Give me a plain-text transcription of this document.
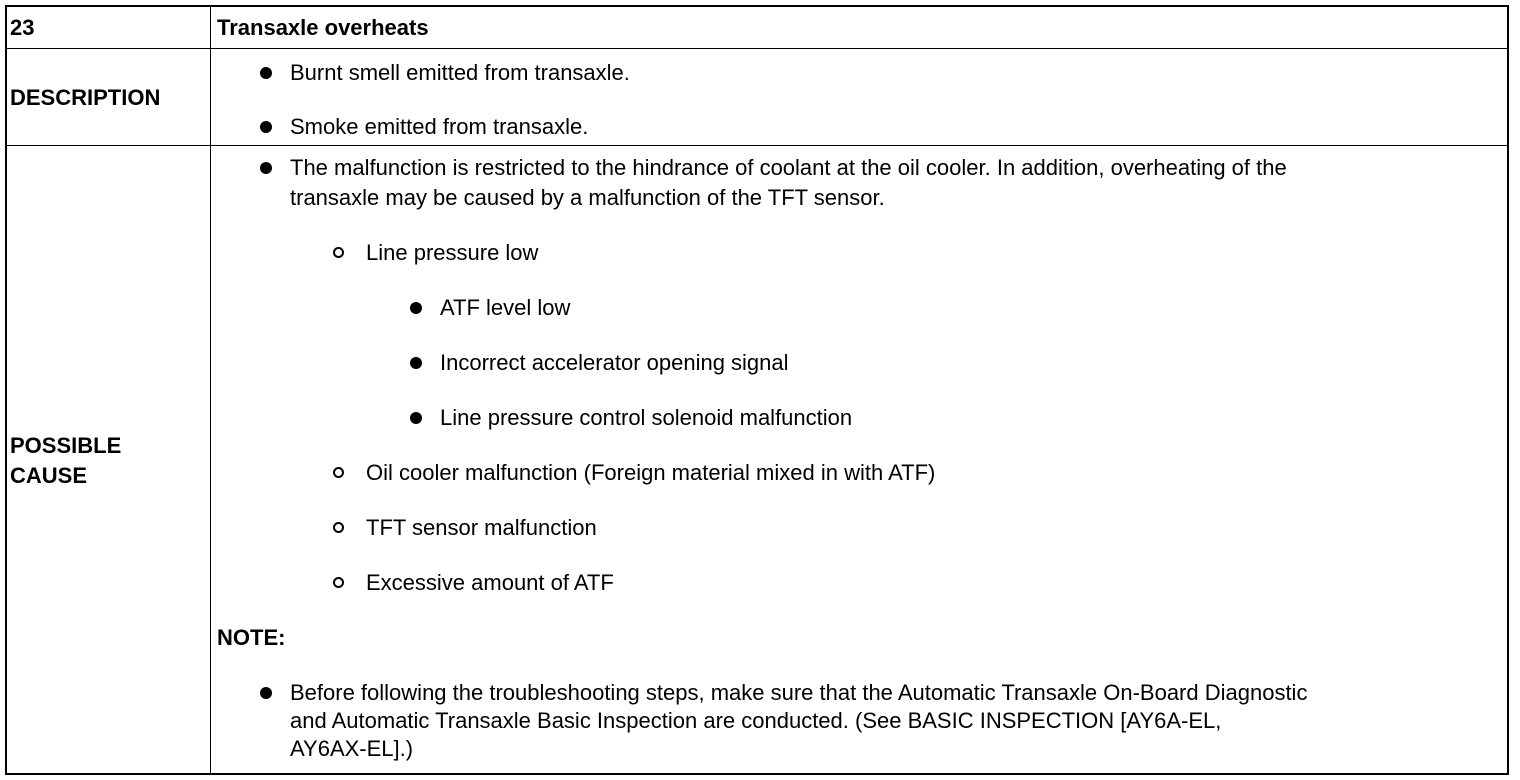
23	Transaxle overheats
DESCRIPTION
Burnt smell emitted from transaxle.
Smoke emitted from transaxle.
POSSIBLE
CAUSE
The malfunction is restricted to the hindrance of coolant at the oil cooler. In addition, overheating of the
transaxle may be caused by a malfunction of the TFT sensor.
Line pressure low
ATF level low
Incorrect accelerator opening signal
Line pressure control solenoid malfunction
Oil cooler malfunction (Foreign material mixed in with ATF)
TFT sensor malfunction
Excessive amount of ATF
NOTE:
Before following the troubleshooting steps, make sure that the Automatic Transaxle On-Board Diagnostic
and Automatic Transaxle Basic Inspection are conducted. (See BASIC INSPECTION [AY6A-EL,
AY6AX-EL].)
